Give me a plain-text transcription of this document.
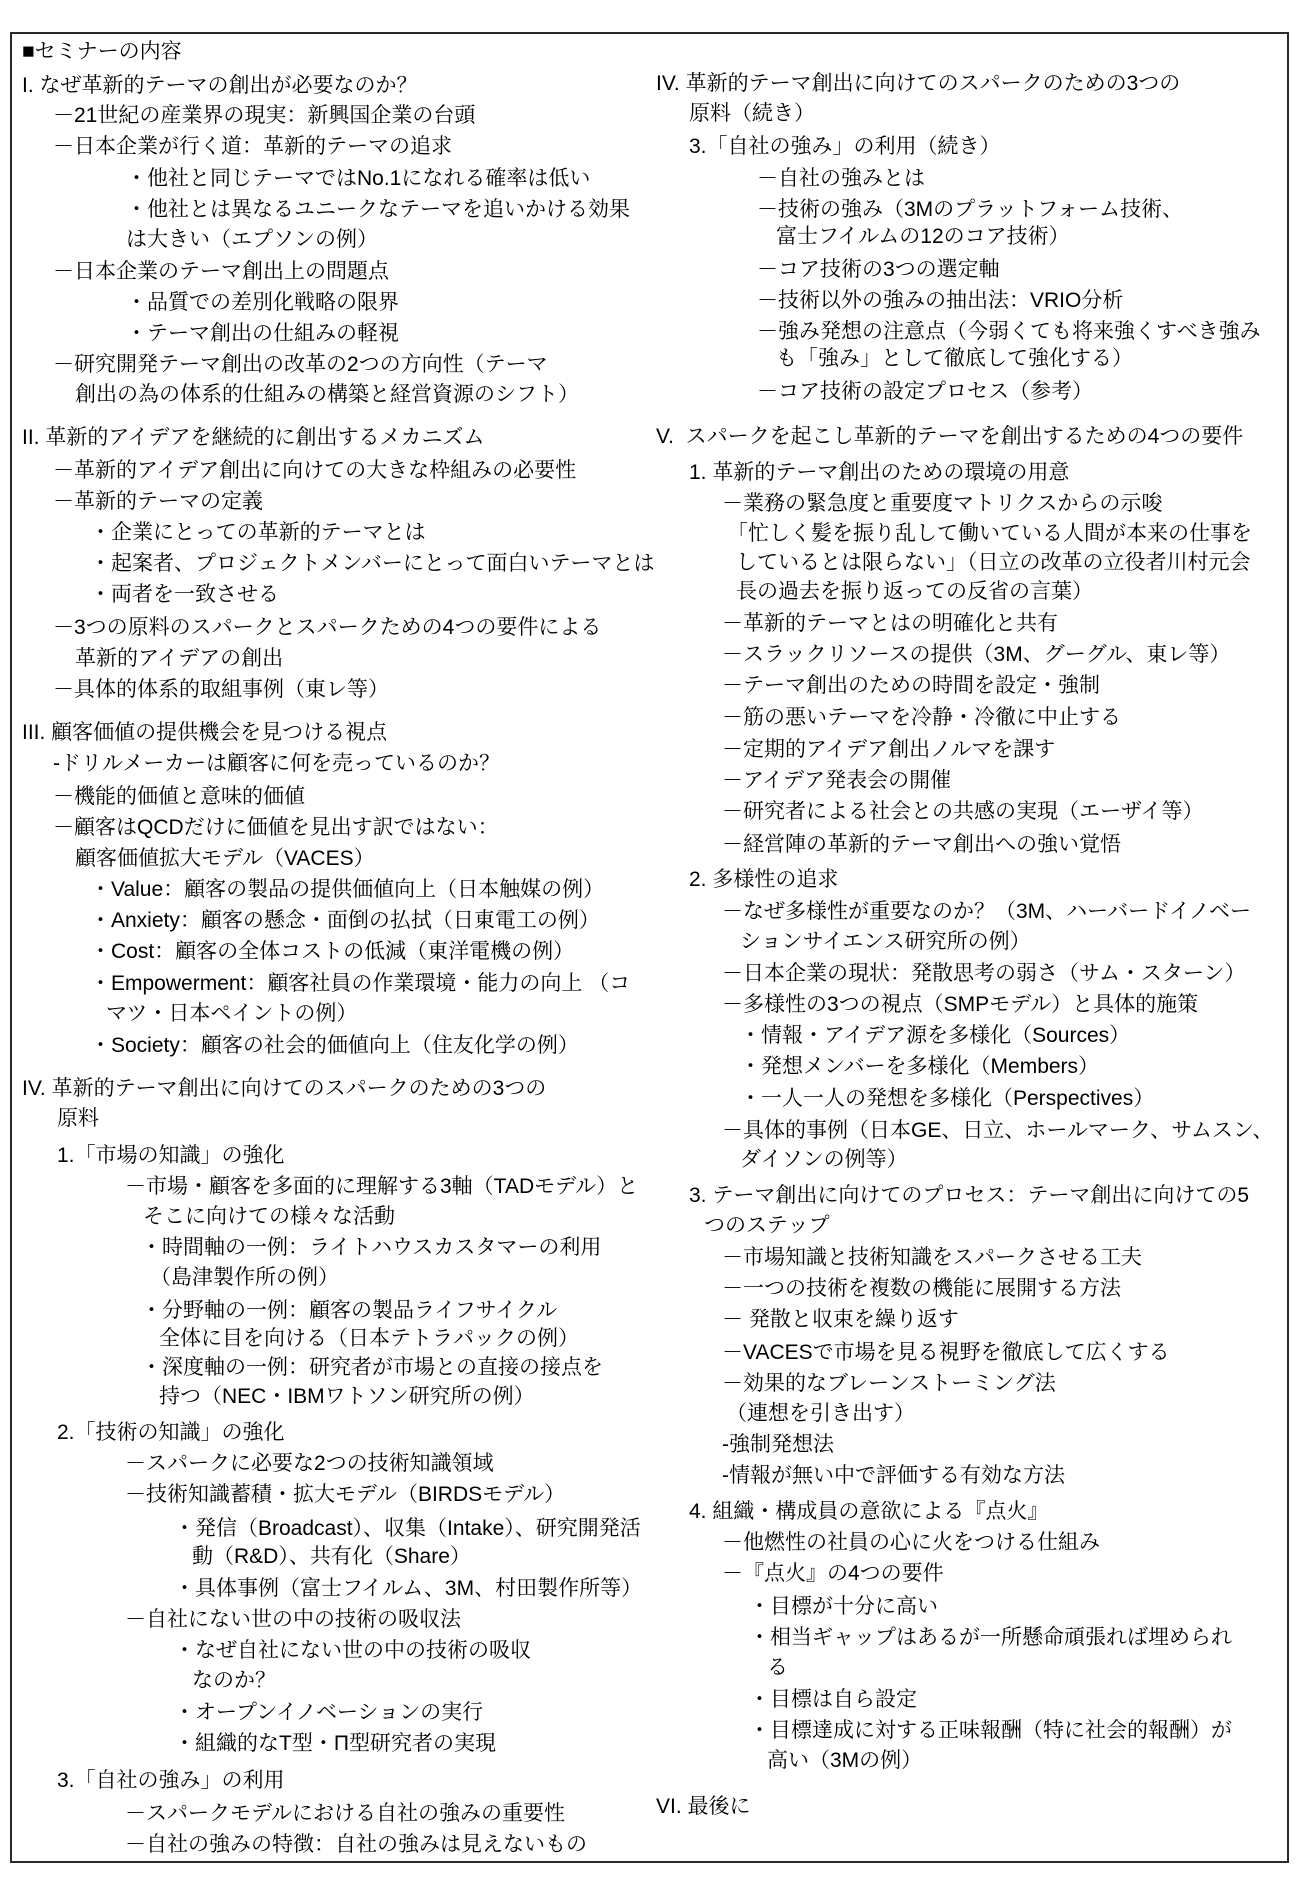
■セミナーの内容
I. なぜ革新的テーマの創出が必要なのか？
－21世紀の産業界の現実：新興国企業の台頭
－日本企業が行く道：革新的テーマの追求
・他社と同じテーマではNo.1になれる確率は低い
・他社とは異なるユニークなテーマを追いかける効果
は大きい（エプソンの例）
－日本企業のテーマ創出上の問題点
・品質での差別化戦略の限界
・テーマ創出の仕組みの軽視
－研究開発テーマ創出の改革の2つの方向性（テーマ
創出の為の体系的仕組みの構築と経営資源のシフト）
II. 革新的アイデアを継続的に創出するメカニズム
－革新的アイデア創出に向けての大きな枠組みの必要性
－革新的テーマの定義
・企業にとっての革新的テーマとは
・起案者、プロジェクトメンバーにとって面白いテーマとは
・両者を一致させる
－3つの原料のスパークとスパークための4つの要件による
革新的アイデアの創出
－具体的体系的取組事例（東レ等）
III. 顧客価値の提供機会を見つける視点
-ドリルメーカーは顧客に何を売っているのか？
－機能的価値と意味的価値
－顧客はQCDだけに価値を見出す訳ではない：
顧客価値拡大モデル（VACES）
・Value：顧客の製品の提供価値向上（日本触媒の例）
・Anxiety：顧客の懸念・面倒の払拭（日東電工の例）
・Cost：顧客の全体コストの低減（東洋電機の例）
・Empowerment：顧客社員の作業環境・能力の向上 （コ
マツ・日本ペイントの例）
・Society：顧客の社会的価値向上（住友化学の例）
IV. 革新的テーマ創出に向けてのスパークのための3つの
原料
1.「市場の知識」の強化
－市場・顧客を多面的に理解する3軸（TADモデル）と
そこに向けての様々な活動
・時間軸の一例：ライトハウスカスタマーの利用
（島津製作所の例）
・分野軸の一例：顧客の製品ライフサイクル
全体に目を向ける（日本テトラパックの例）
・深度軸の一例：研究者が市場との直接の接点を
持つ（NEC・IBMワトソン研究所の例）
2.「技術の知識」の強化
－スパークに必要な2つの技術知識領域
－技術知識蓄積・拡大モデル（BIRDSモデル）
・発信（Broadcast）、収集（Intake）、研究開発活
動（R&D）、共有化（Share）
・具体事例（富士フイルム、3M、村田製作所等）
－自社にない世の中の技術の吸収法
・なぜ自社にない世の中の技術の吸収
なのか？
・オープンイノベーションの実行
・組織的なT型・Π型研究者の実現
3.「自社の強み」の利用
－スパークモデルにおける自社の強みの重要性
－自社の強みの特徴：自社の強みは見えないもの
IV. 革新的テーマ創出に向けてのスパークのための3つの
原料（続き）
3.「自社の強み」の利用（続き）
－自社の強みとは
－技術の強み（3Mのプラットフォーム技術、
富士フイルムの12のコア技術）
－コア技術の3つの選定軸
－技術以外の強みの抽出法：VRIO分析
－強み発想の注意点（今弱くても将来強くすべき強み
も「強み」として徹底して強化する）
－コア技術の設定プロセス（参考）
V.  スパークを起こし革新的テーマを創出するための4つの要件
1. 革新的テーマ創出のための環境の用意
－業務の緊急度と重要度マトリクスからの示唆
「忙しく髪を振り乱して働いている人間が本来の仕事を
しているとは限らない」（日立の改革の立役者川村元会
長の過去を振り返っての反省の言葉）
－革新的テーマとはの明確化と共有
－スラックリソースの提供（3M、グーグル、東レ等）
－テーマ創出のための時間を設定・強制
－筋の悪いテーマを冷静・冷徹に中止する
－定期的アイデア創出ノルマを課す
－アイデア発表会の開催
－研究者による社会との共感の実現（エーザイ等）
－経営陣の革新的テーマ創出への強い覚悟
2. 多様性の追求
－なぜ多様性が重要なのか？（3M、ハーバードイノベー
ションサイエンス研究所の例）
－日本企業の現状：発散思考の弱さ（サム・スターン）
－多様性の3つの視点（SMPモデル）と具体的施策
・情報・アイデア源を多様化（Sources）
・発想メンバーを多様化（Members）
・一人一人の発想を多様化（Perspectives）
－具体的事例（日本GE、日立、ホールマーク、サムスン、
ダイソンの例等）
3. テーマ創出に向けてのプロセス：テーマ創出に向けての5
つのステップ
－市場知識と技術知識をスパークさせる工夫
－一つの技術を複数の機能に展開する方法
－ 発散と収束を繰り返す
－VACESで市場を見る視野を徹底して広くする
－効果的なブレーンストーミング法
（連想を引き出す）
-強制発想法
-情報が無い中で評価する有効な方法
4. 組織・構成員の意欲による『点火』
－他燃性の社員の心に火をつける仕組み
－『点火』の4つの要件
・目標が十分に高い
・相当ギャップはあるが一所懸命頑張れば埋められ
る
・目標は自ら設定
・目標達成に対する正味報酬（特に社会的報酬）が
高い（3Mの例）
VI. 最後に
